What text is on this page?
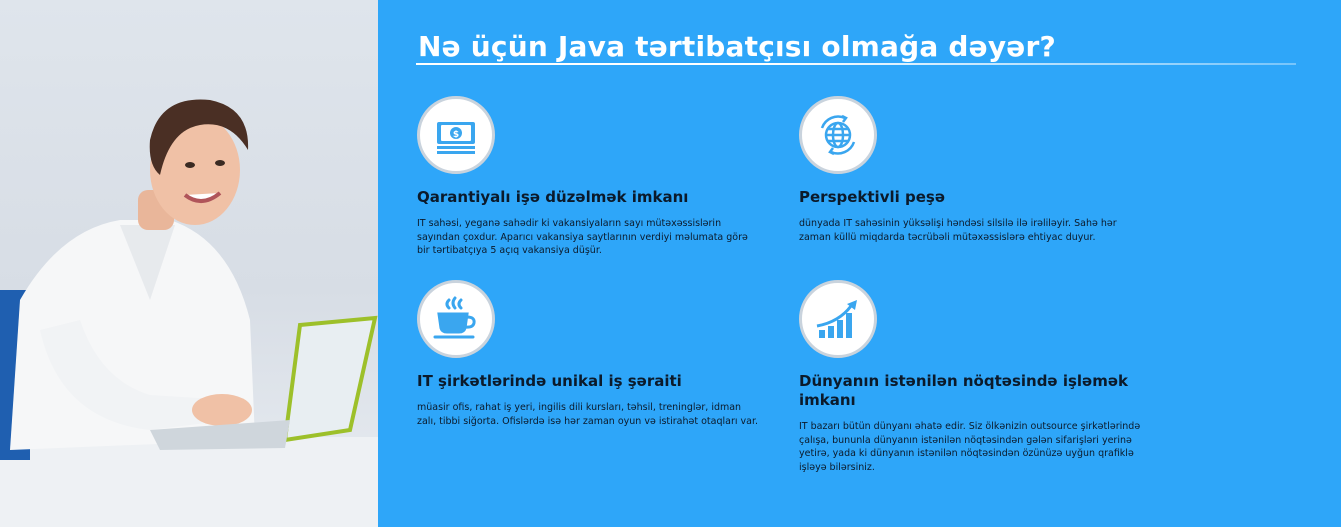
Nə üçün Java tərtibatçısı olmağa dəyər?
$
Qarantiyalı işə düzəlmək imkanı

IT sahəsi, yeganə sahədir ki vakansiyaların sayı mütəxəssislərin sayından çoxdur. Aparıcı vakansiya saytlarının verdiyi məlumata görə bir tərtibatçıya 5 açıq vakansiya düşür.

Perspektivli peşə

dünyada IT sahəsinin yüksəlişi həndəsi silsilə ilə irəliləyir. Sahə hər zaman küllü miqdarda təcrübəli mütəxəssislərə ehtiyac duyur.

IT şirkətlərində unikal iş şəraiti

müasir ofis, rahat iş yeri, ingilis dili kursları, təhsil, treninglər, idman zalı, tibbi siğorta. Ofislərdə isə hər zaman oyun və istirahət otaqları var.

Dünyanın istənilən nöqtəsində işləmək imkanı

IT bazarı bütün dünyanı əhatə edir. Siz ölkənizin outsource şirkətlərində çalışa, bununla dünyanın istənilən nöqtəsindən gələn sifarişləri yerinə yetirə, yada ki dünyanın istənilən nöqtəsindən özünüzə uyğun qrafiklə işləyə bilərsiniz.
